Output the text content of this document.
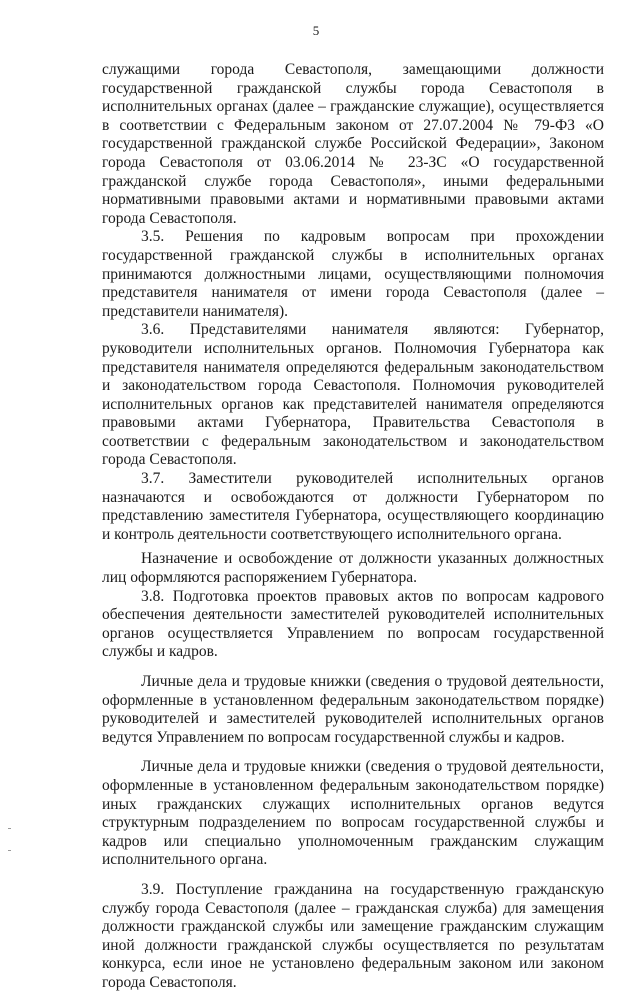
5

служащими города Севастополя, замещающими должности государственной гражданской службы города Севастополя в исполнительных органах (далее – гражданские служащие), осуществляется в соответствии с Федеральным законом от 27.07.2004 № 79-ФЗ «О государственной гражданской службе Российской Федерации», Законом города Севастополя от 03.06.2014 № 23-ЗС «О государственной гражданской службе города Севастополя», иными федеральными нормативными правовыми актами и нормативными правовыми актами города Севастополя.

3.5. Решения по кадровым вопросам при прохождении государственной гражданской службы в исполнительных органах принимаются должностными лицами, осуществляющими полномочия представителя нанимателя от имени города Севастополя (далее – представители нанимателя).

3.6. Представителями нанимателя являются: Губернатор, руководители исполнительных органов. Полномочия Губернатора как представителя нанимателя определяются федеральным законодательством и законодательством города Севастополя. Полномочия руководителей исполнительных органов как представителей нанимателя определяются правовыми актами Губернатора, Правительства Севастополя в соответствии с федеральным законодательством и законодательством города Севастополя.

3.7. Заместители руководителей исполнительных органов назначаются и освобождаются от должности Губернатором по представлению заместителя Губернатора, осуществляющего координацию и контроль деятельности соответствующего исполнительного органа.

Назначение и освобождение от должности указанных должностных лиц оформляются распоряжением Губернатора.

3.8. Подготовка проектов правовых актов по вопросам кадрового обеспечения деятельности заместителей руководителей исполнительных органов осуществляется Управлением по вопросам государственной службы и кадров.

Личные дела и трудовые книжки (сведения о трудовой деятельности, оформленные в установленном федеральным законодательством порядке) руководителей и заместителей руководителей исполнительных органов ведутся Управлением по вопросам государственной службы и кадров.

Личные дела и трудовые книжки (сведения о трудовой деятельности, оформленные в установленном федеральным законодательством порядке) иных гражданских служащих исполнительных органов ведутся структурным подразделением по вопросам государственной службы и кадров или специально уполномоченным гражданским служащим исполнительного органа.

3.9. Поступление гражданина на государственную гражданскую службу города Севастополя (далее – гражданская служба) для замещения должности гражданской службы или замещение гражданским служащим иной должности гражданской службы осуществляется по результатам конкурса, если иное не установлено федеральным законом или законом города Севастополя.
